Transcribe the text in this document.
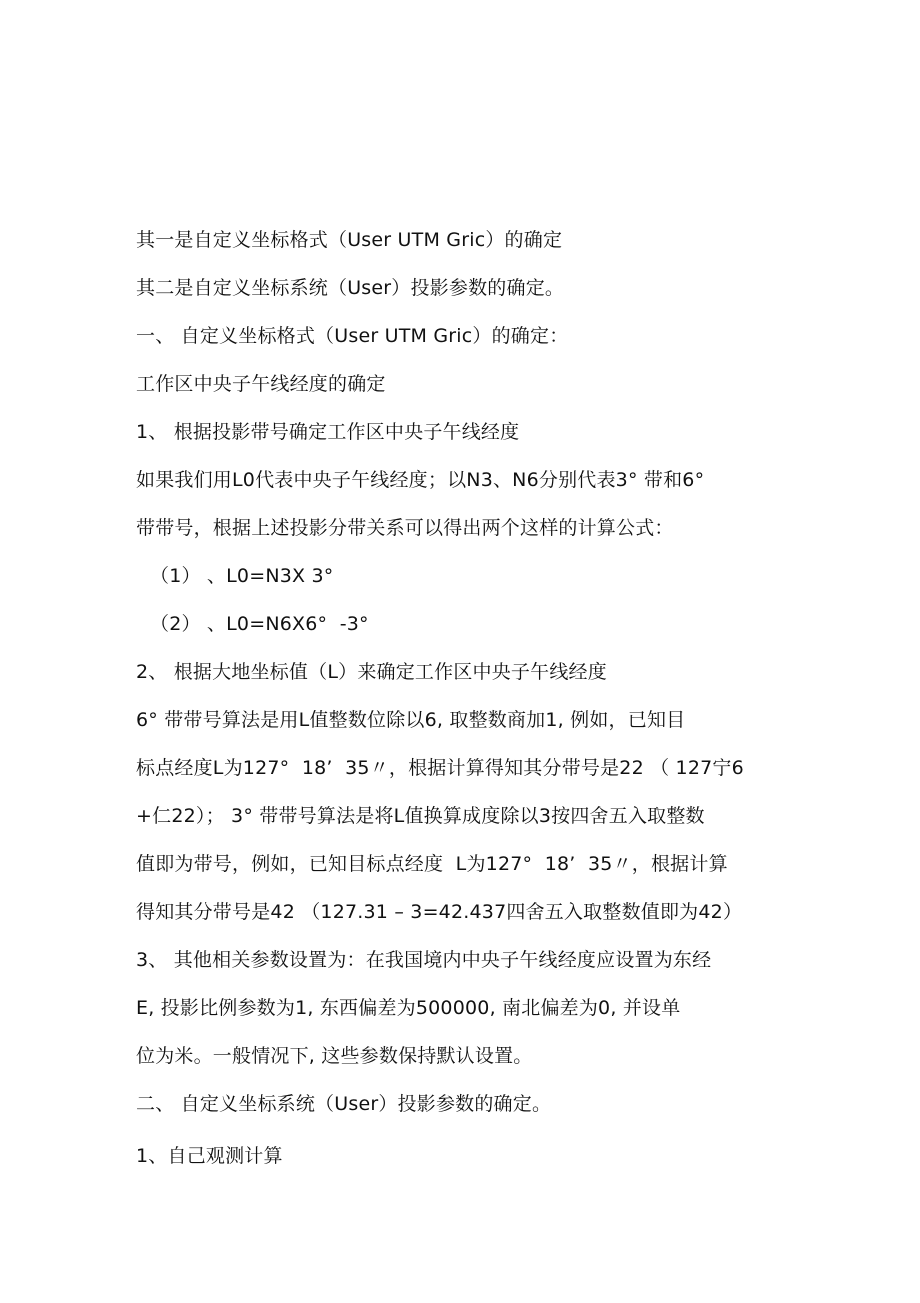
其一是自定义坐标格式（User UTM Gric）的确定
其二是自定义坐标系统（User）投影参数的确定。
一、 自定义坐标格式（User UTM Gric）的确定：
工作区中央子午线经度的确定
1、 根据投影带号确定工作区中央子午线经度
如果我们用L0代表中央子午线经度；以N3、N6分别代表3° 带和6°
带带号，根据上述投影分带关系可以得出两个这样的计算公式：
（1） 、L0=N3X 3°
（2） 、L0=N6X6°  -3°
2、 根据大地坐标值（L）来确定工作区中央子午线经度
6° 带带号算法是用L值整数位除以6, 取整数商加1, 例如，已知目
标点经度L为127°  18’  35〃，根据计算得知其分带号是22 （ 127宁6
+仁22）； 3° 带带号算法是将L值换算成度除以3按四舍五入取整数
值即为带号，例如，已知目标点经度  L为127°  18’  35〃，根据计算
得知其分带号是42 （127.31 – 3=42.437四舍五入取整数值即为42）
3、 其他相关参数设置为：在我国境内中央子午线经度应设置为东经
E, 投影比例参数为1, 东西偏差为500000, 南北偏差为0, 并设单
位为米。一般情况下, 这些参数保持默认设置。
二、 自定义坐标系统（User）投影参数的确定。
1、自己观测计算
